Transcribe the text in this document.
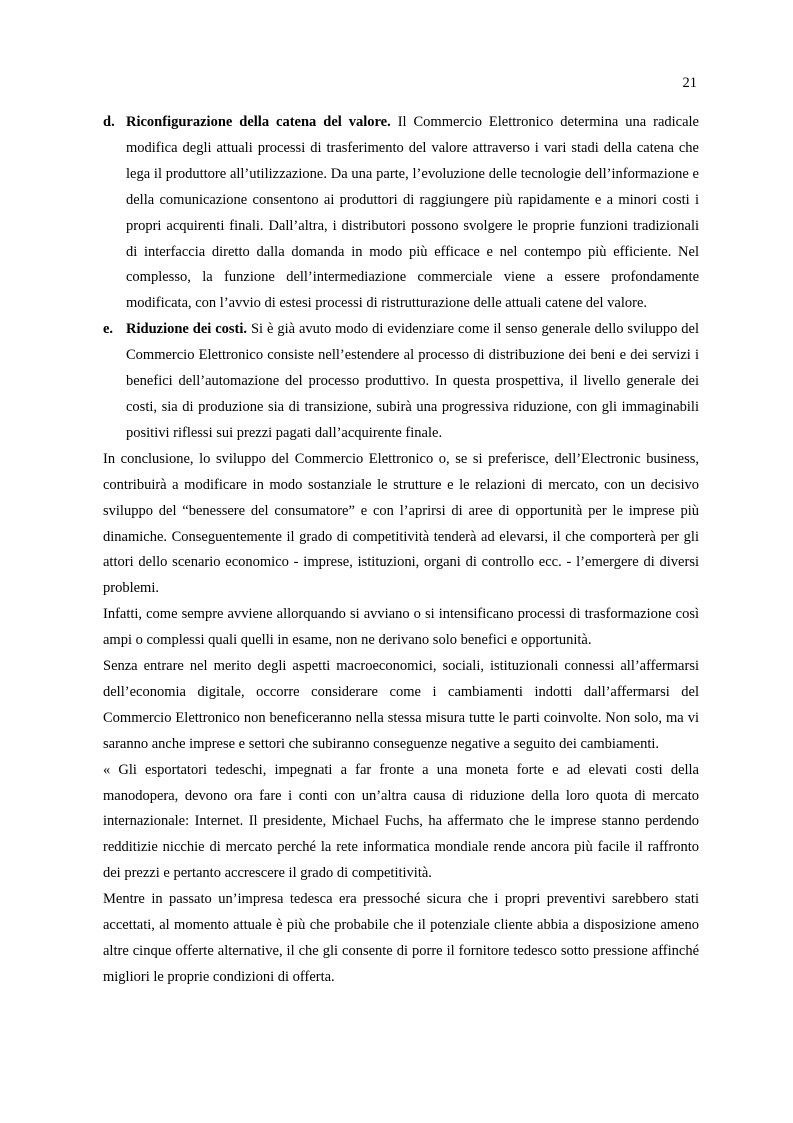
21
d. Riconfigurazione della catena del valore. Il Commercio Elettronico determina una radicale modifica degli attuali processi di trasferimento del valore attraverso i vari stadi della catena che lega il produttore all’utilizzazione. Da una parte, l’evoluzione delle tecnologie dell’informazione e della comunicazione consentono ai produttori di raggiungere più rapidamente e a minori costi i propri acquirenti finali. Dall’altra, i distributori possono svolgere le proprie funzioni tradizionali di interfaccia diretto dalla domanda in modo più efficace e nel contempo più efficiente. Nel complesso, la funzione dell’intermediazione commerciale viene a essere profondamente modificata, con l’avvio di estesi processi di ristrutturazione delle attuali catene del valore.
e. Riduzione dei costi. Si è già avuto modo di evidenziare come il senso generale dello sviluppo del Commercio Elettronico consiste nell’estendere al processo di distribuzione dei beni e dei servizi i benefici dell’automazione del processo produttivo. In questa prospettiva, il livello generale dei costi, sia di produzione sia di transizione, subirà una progressiva riduzione, con gli immaginabili positivi riflessi sui prezzi pagati dall’acquirente finale.

In conclusione, lo sviluppo del Commercio Elettronico o, se si preferisce, dell’Electronic business, contribuirà a modificare in modo sostanziale le strutture e le relazioni di mercato, con un decisivo sviluppo del “benessere del consumatore” e con l’aprirsi di aree di opportunità per le imprese più dinamiche. Conseguentemente il grado di competitività tenderà ad elevarsi, il che comporterà per gli attori dello scenario economico - imprese, istituzioni, organi di controllo ecc. - l’emergere di diversi problemi.

Infatti, come sempre avviene allorquando si avviano o si intensificano processi di trasformazione così ampi o complessi quali quelli in esame, non ne derivano solo benefici e opportunità.

Senza entrare nel merito degli aspetti macroeconomici, sociali, istituzionali connessi all’affermarsi dell’economia digitale, occorre considerare come i cambiamenti indotti dall’affermarsi del Commercio Elettronico non beneficeranno nella stessa misura tutte le parti coinvolte. Non solo, ma vi saranno anche imprese e settori che subiranno conseguenze negative a seguito dei cambiamenti.

« Gli esportatori tedeschi, impegnati a far fronte a una moneta forte e ad elevati costi della manodopera, devono ora fare i conti con un’altra causa di riduzione della loro quota di mercato internazionale: Internet. Il presidente, Michael Fuchs, ha affermato che le imprese stanno perdendo redditizie nicchie di mercato perché la rete informatica mondiale rende ancora più facile il raffronto dei prezzi e pertanto accrescere il grado di competitività.

Mentre in passato un’impresa tedesca era pressoché sicura che i propri preventivi sarebbero stati accettati, al momento attuale è più che probabile che il potenziale cliente abbia a disposizione ameno altre cinque offerte alternative, il che gli consente di porre il fornitore tedesco sotto pressione affinché migliori le proprie condizioni di offerta.
